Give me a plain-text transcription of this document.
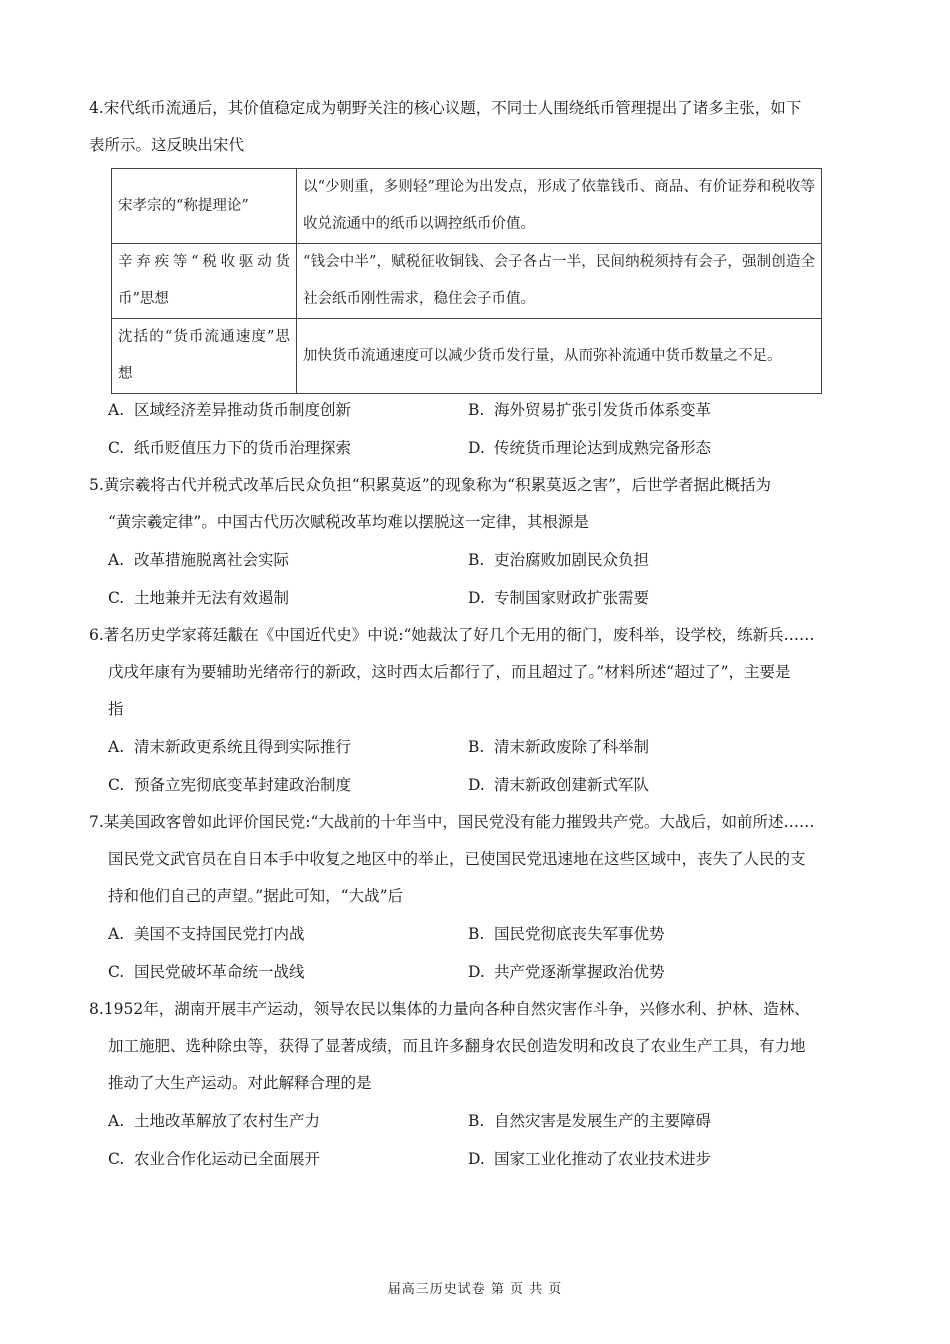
4.宋代纸币流通后，其价值稳定成为朝野关注的核心议题，不同士人围绕纸币管理提出了诸多主张，如下
表所示。这反映出宋代
宋孝宗的“称提理论”	以“少则重，多则轻”理论为出发点，形成了依靠钱币、商品、有价证券和税收等收兑流通中的纸币以调控纸币价值。
辛弃疾等“税收驱动货币”思想	“钱会中半”，赋税征收铜钱、会子各占一半，民间纳税须持有会子，强制创造全社会纸币刚性需求，稳住会子币值。
沈括的“货币流通速度”思想	加快货币流通速度可以减少货币发行量，从而弥补流通中货币数量之不足。
A. 区域经济差异推动货币制度创新	B. 海外贸易扩张引发货币体系变革
C. 纸币贬值压力下的货币治理探索	D. 传统货币理论达到成熟完备形态
5.黄宗羲将古代并税式改革后民众负担“积累莫返”的现象称为“积累莫返之害”，后世学者据此概括为
“黄宗羲定律”。中国古代历次赋税改革均难以摆脱这一定律，其根源是
A. 改革措施脱离社会实际	B. 吏治腐败加剧民众负担
C. 土地兼并无法有效遏制	D. 专制国家财政扩张需要
6.著名历史学家蒋廷黻在《中国近代史》中说:“她裁汰了好几个无用的衙门，废科举，设学校，练新兵……
戊戌年康有为要辅助光绪帝行的新政，这时西太后都行了，而且超过了。”材料所述“超过了”，主要是
指
A. 清末新政更系统且得到实际推行	B. 清末新政废除了科举制
C. 预备立宪彻底变革封建政治制度	D. 清末新政创建新式军队
7.某美国政客曾如此评价国民党:“大战前的十年当中，国民党没有能力摧毁共产党。大战后，如前所述……
国民党文武官员在自日本手中收复之地区中的举止，已使国民党迅速地在这些区域中，丧失了人民的支
持和他们自己的声望。”据此可知，“大战”后
A. 美国不支持国民党打内战	B. 国民党彻底丧失军事优势
C. 国民党破坏革命统一战线	D. 共产党逐渐掌握政治优势
8.1952年，湖南开展丰产运动，领导农民以集体的力量向各种自然灾害作斗争，兴修水利、护林、造林、
加工施肥、选种除虫等，获得了显著成绩，而且许多翻身农民创造发明和改良了农业生产工具，有力地
推动了大生产运动。对此解释合理的是
A. 土地改革解放了农村生产力	B. 自然灾害是发展生产的主要障碍
C. 农业合作化运动已全面展开	D. 国家工业化推动了农业技术进步
届高三历史试卷 第 页 共 页
